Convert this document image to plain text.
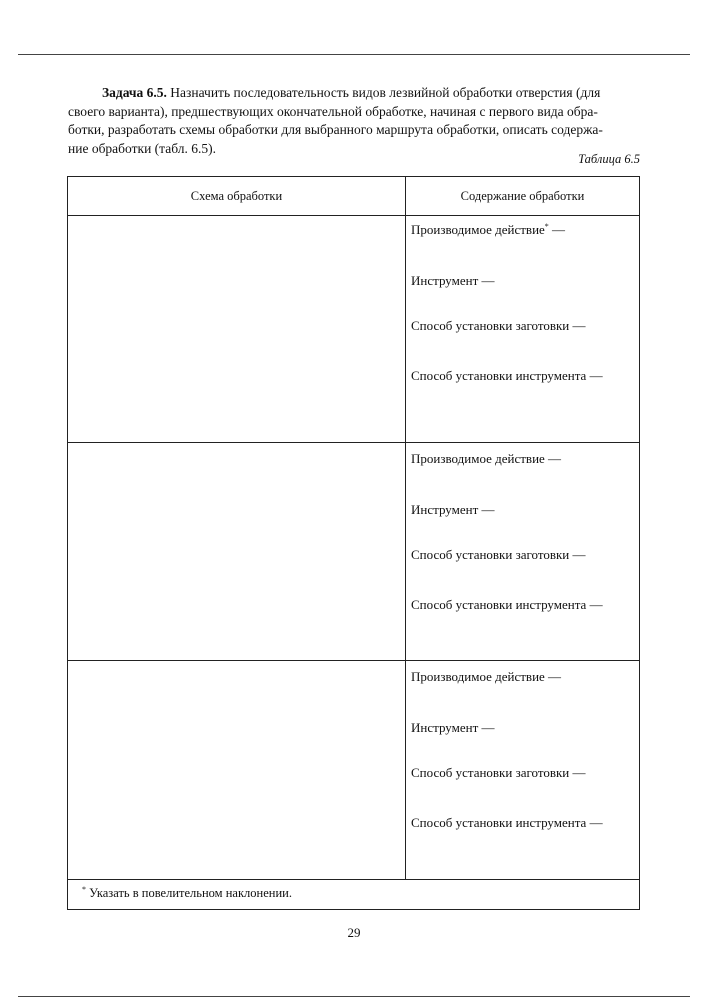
Задача 6.5. Назначить последовательность видов лезвийной обработки отверстия (для
своего варианта), предшествующих окончательной обработке, начиная с первого вида обра-
ботки, разработать схемы обработки для выбранного маршрута обработки, описать содержа-
ние обработки (табл. 6.5).
Таблица 6.5
Схема обработки	Содержание обработки
Производимое действие* —
Инструмент —
Способ установки заготовки —
Способ установки инструмента —
Производимое действие —
Инструмент —
Способ установки заготовки —
Способ установки инструмента —
Производимое действие —
Инструмент —
Способ установки заготовки —
Способ установки инструмента —
* Указать в повелительном наклонении.
29
